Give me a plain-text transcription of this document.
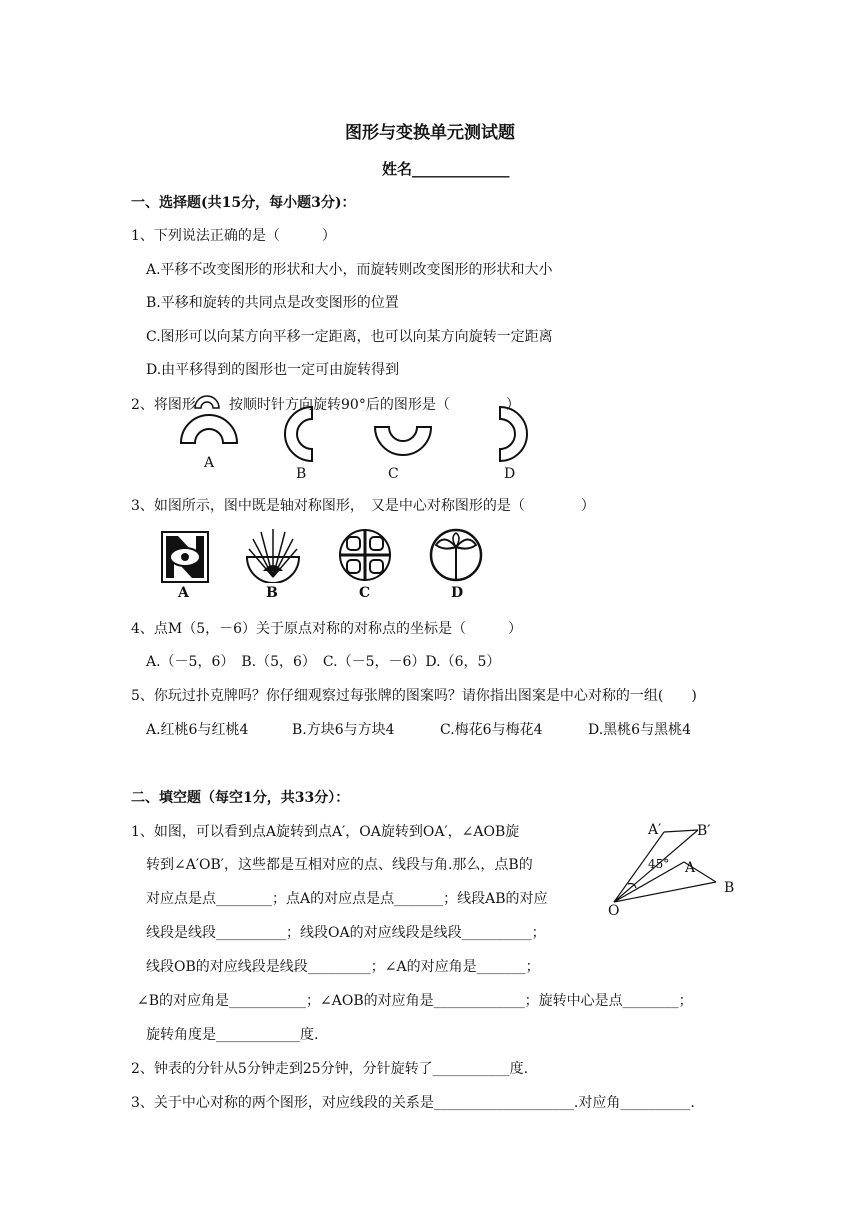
图形与变换单元测试题
姓名_____________
一、选择题(共15分，每小题3分)：
1、下列说法正确的是（　　　）
A.平移不改变图形的形状和大小，而旋转则改变图形的形状和大小
B.平移和旋转的共同点是改变图形的位置
C.图形可以向某方向平移一定距离，也可以向某方向旋转一定距离
D.由平移得到的图形也一定可由旋转得到
2、将图形 按顺时针方向旋转90°后的图形是（　　　　）
A
B	C	D
3、如图所示，图中既是轴对称图形，　又是中心对称图形的是（　　　　）
A	B	C	D
4、点M（5，－6）关于原点对称的对称点的坐标是（　　　）
A.（－5，6）　B.（5，6）　C.（－5，－6）D.（6，5）
5、你玩过扑克牌吗？你仔细观察过每张牌的图案吗？请你指出图案是中心对称的一组(　　)
A.红桃6与红桃4	B.方块6与方块4	C.梅花6与梅花4	D.黑桃6与黑桃4
二、填空题（每空1分，共33分）：
1、如图，可以看到点A旋转到点A′，OA旋转到OA′，∠AOB旋
转到∠A′OB′，这些都是互相对应的点、线段与角.那么，点B的
对应点是点________；点A的对应点是点_______；线段AB的对应
线段是线段__________；线段OA的对应线段是线段__________；
线段OB的对应线段是线段_________；∠A的对应角是_______；
∠B的对应角是___________；∠AOB的对应角是_____________；旋转中心是点________；
旋转角度是____________度.
A′	B′
45° A
B
O
2、钟表的分针从5分钟走到25分钟，分针旋转了___________度.
3、关于中心对称的两个图形，对应线段的关系是____________________.对应角__________.
